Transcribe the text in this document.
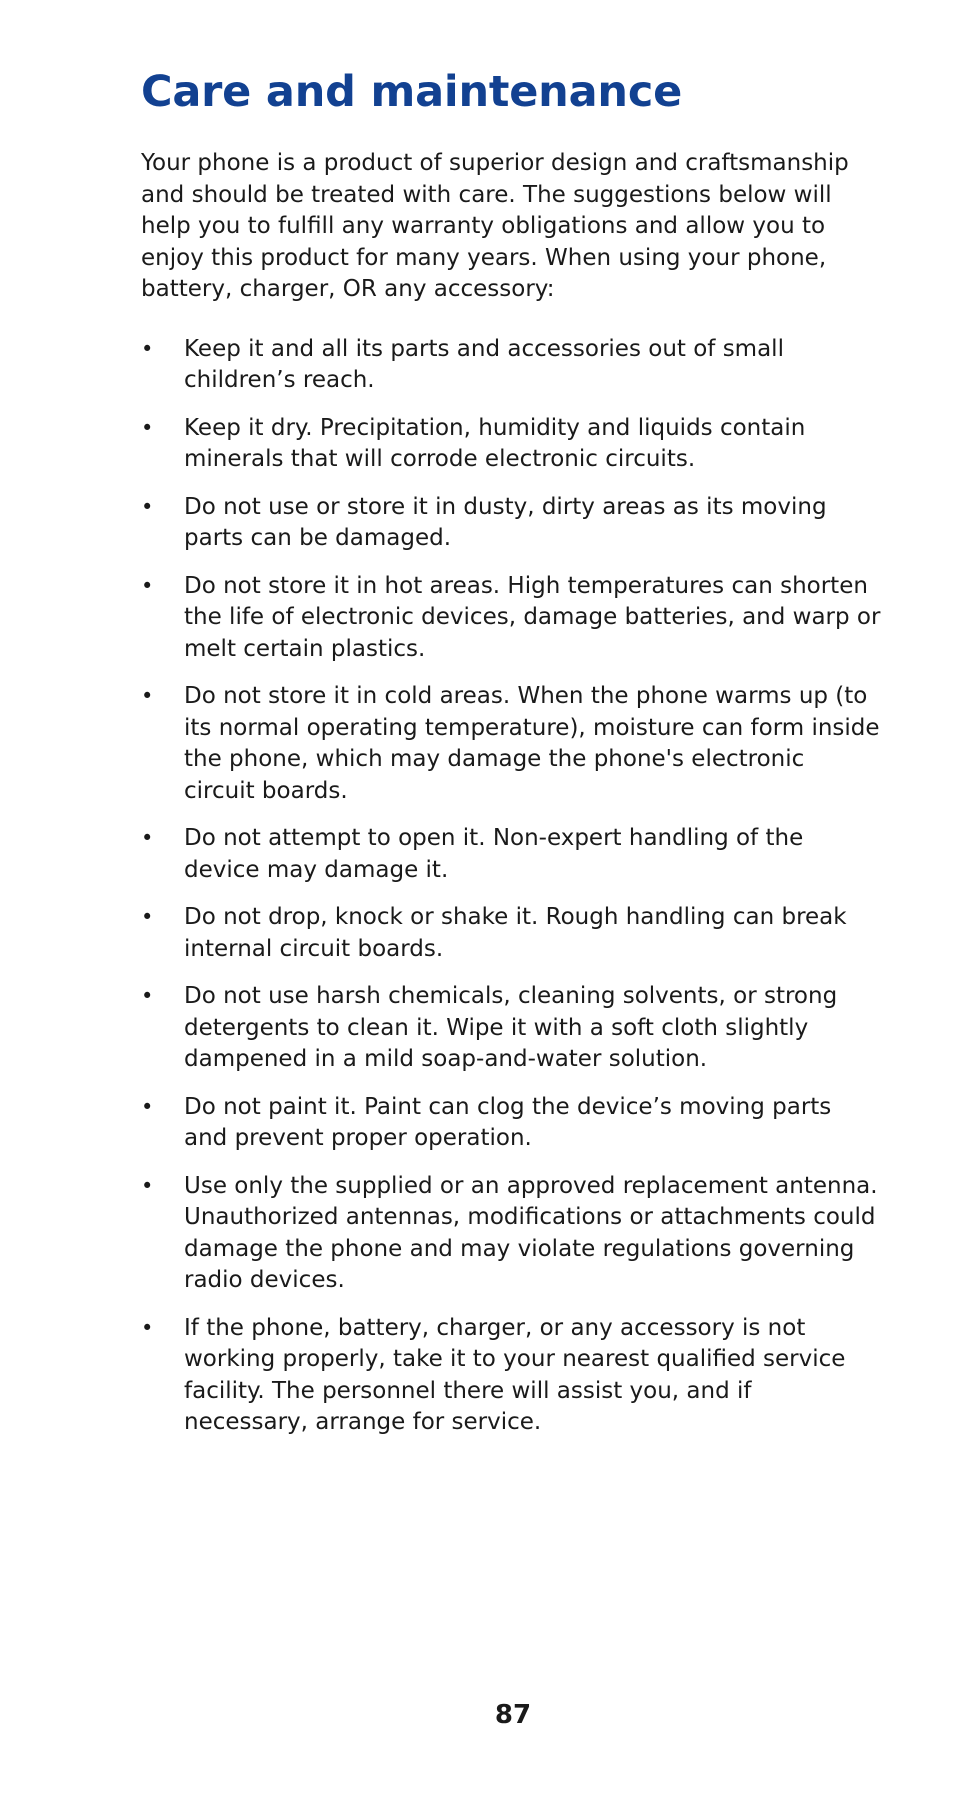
Care and maintenance

Your phone is a product of superior design and craftsmanship and should be treated with care. The suggestions below will help you to fulfill any warranty obligations and allow you to enjoy this product for many years. When using your phone, battery, charger, OR any accessory:

•	Keep it and all its parts and accessories out of small children’s reach.
•	Keep it dry. Precipitation, humidity and liquids contain minerals that will corrode electronic circuits.
•	Do not use or store it in dusty, dirty areas as its moving parts can be damaged.
•	Do not store it in hot areas. High temperatures can shorten the life of electronic devices, damage batteries, and warp or melt certain plastics.
•	Do not store it in cold areas. When the phone warms up (to its normal operating temperature), moisture can form inside the phone, which may damage the phone's electronic circuit boards.
•	Do not attempt to open it. Non-expert handling of the device may damage it.
•	Do not drop, knock or shake it. Rough handling can break internal circuit boards.
•	Do not use harsh chemicals, cleaning solvents, or strong detergents to clean it. Wipe it with a soft cloth slightly dampened in a mild soap-and-water solution.
•	Do not paint it. Paint can clog the device’s moving parts and prevent proper operation.
•	Use only the supplied or an approved replacement antenna. Unauthorized antennas, modifications or attachments could damage the phone and may violate regulations governing radio devices.
•	If the phone, battery, charger, or any accessory is not working properly, take it to your nearest qualified service facility. The personnel there will assist you, and if necessary, arrange for service.
87
